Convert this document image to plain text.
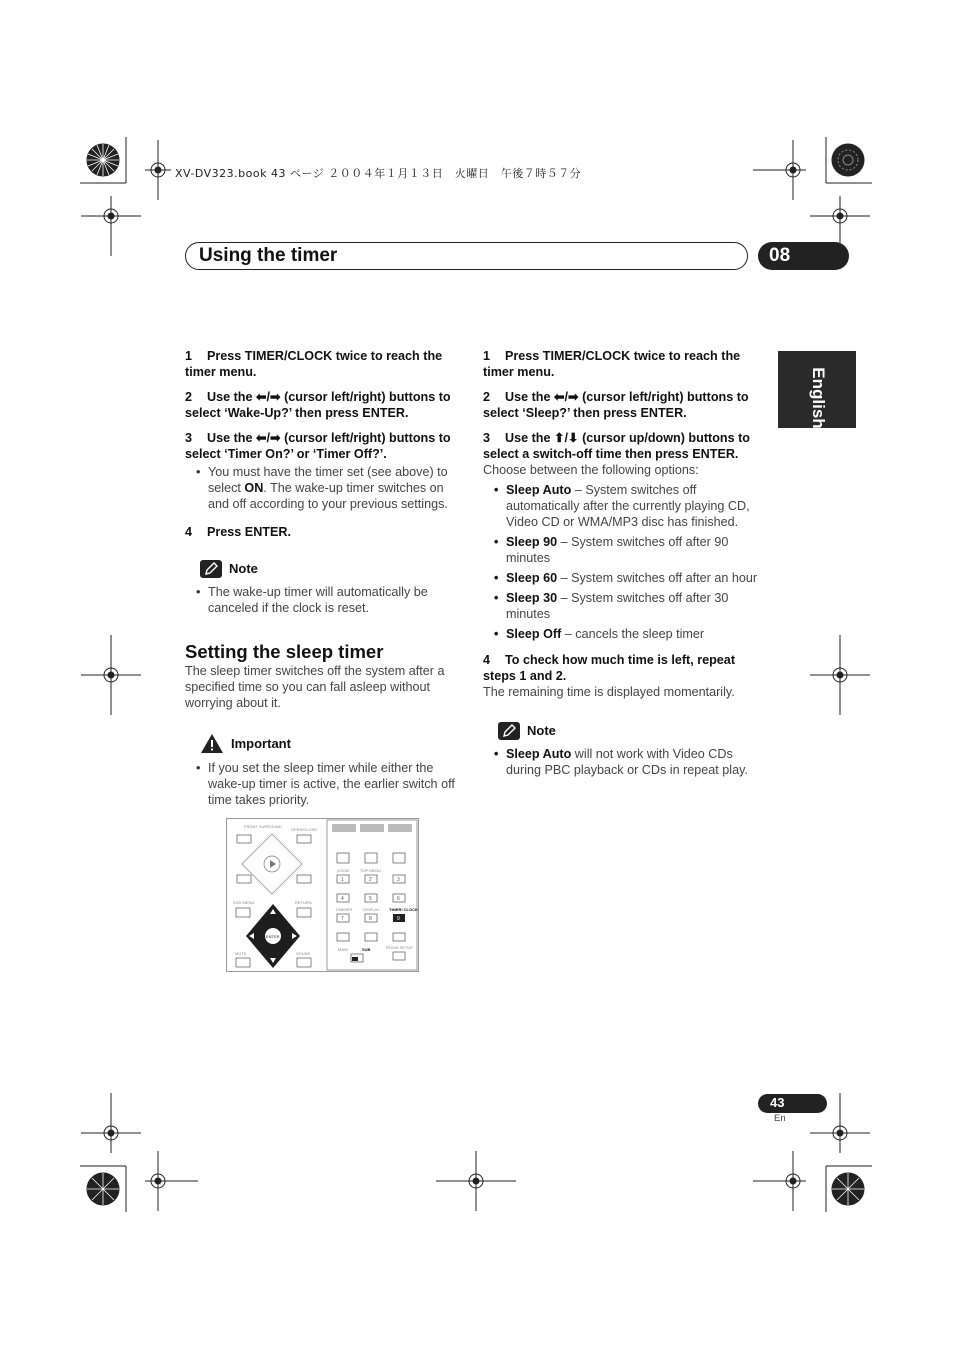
XV-DV323.book 43 ページ ２００４年１月１３日　火曜日　午後７時５７分
Using the timer	08
English
1 Press TIMER/CLOCK twice to reach the timer menu.
2 Use the ⬅/➡ (cursor left/right) buttons to select ‘Wake-Up?’ then press ENTER.
3 Use the ⬅/➡ (cursor left/right) buttons to select ‘Timer On?’ or ‘Timer Off?’.
• You must have the timer set (see above) to select ON. The wake-up timer switches on and off according to your previous settings.
4 Press ENTER.
Note
• The wake-up timer will automatically be canceled if the clock is reset.
Setting the sleep timer
The sleep timer switches off the system after a specified time so you can fall asleep without worrying about it.
Important
• If you set the sleep timer while either the wake-up timer is active, the earlier switch off time takes priority.
1 Press TIMER/CLOCK twice to reach the timer menu.
2 Use the ⬅/➡ (cursor left/right) buttons to select ‘Sleep?’ then press ENTER.
3 Use the ⬆/⬇ (cursor up/down) buttons to select a switch-off time then press ENTER.
Choose between the following options:
• Sleep Auto – System switches off automatically after the currently playing CD, Video CD or WMA/MP3 disc has finished.
• Sleep 90 – System switches off after 90 minutes
• Sleep 60 – System switches off after an hour
• Sleep 30 – System switches off after 30 minutes
• Sleep Off – cancels the sleep timer
4 To check how much time is left, repeat steps 1 and 2.
The remaining time is displayed momentarily.
Note
• Sleep Auto will not work with Video CDs during PBC playback or CDs in repeat play.
FRONT SURROUND
OPEN/CLOSE
DVD MENU	RETURN
ENTER
MUTE	SOUND
ZOOM	TOP MENU
1	2	3
4	5	6
DIMMER	DISPLAY TIMER/ CLOCK
7	8	9
MAIN	SUB	ROOM SETUP
43
En
